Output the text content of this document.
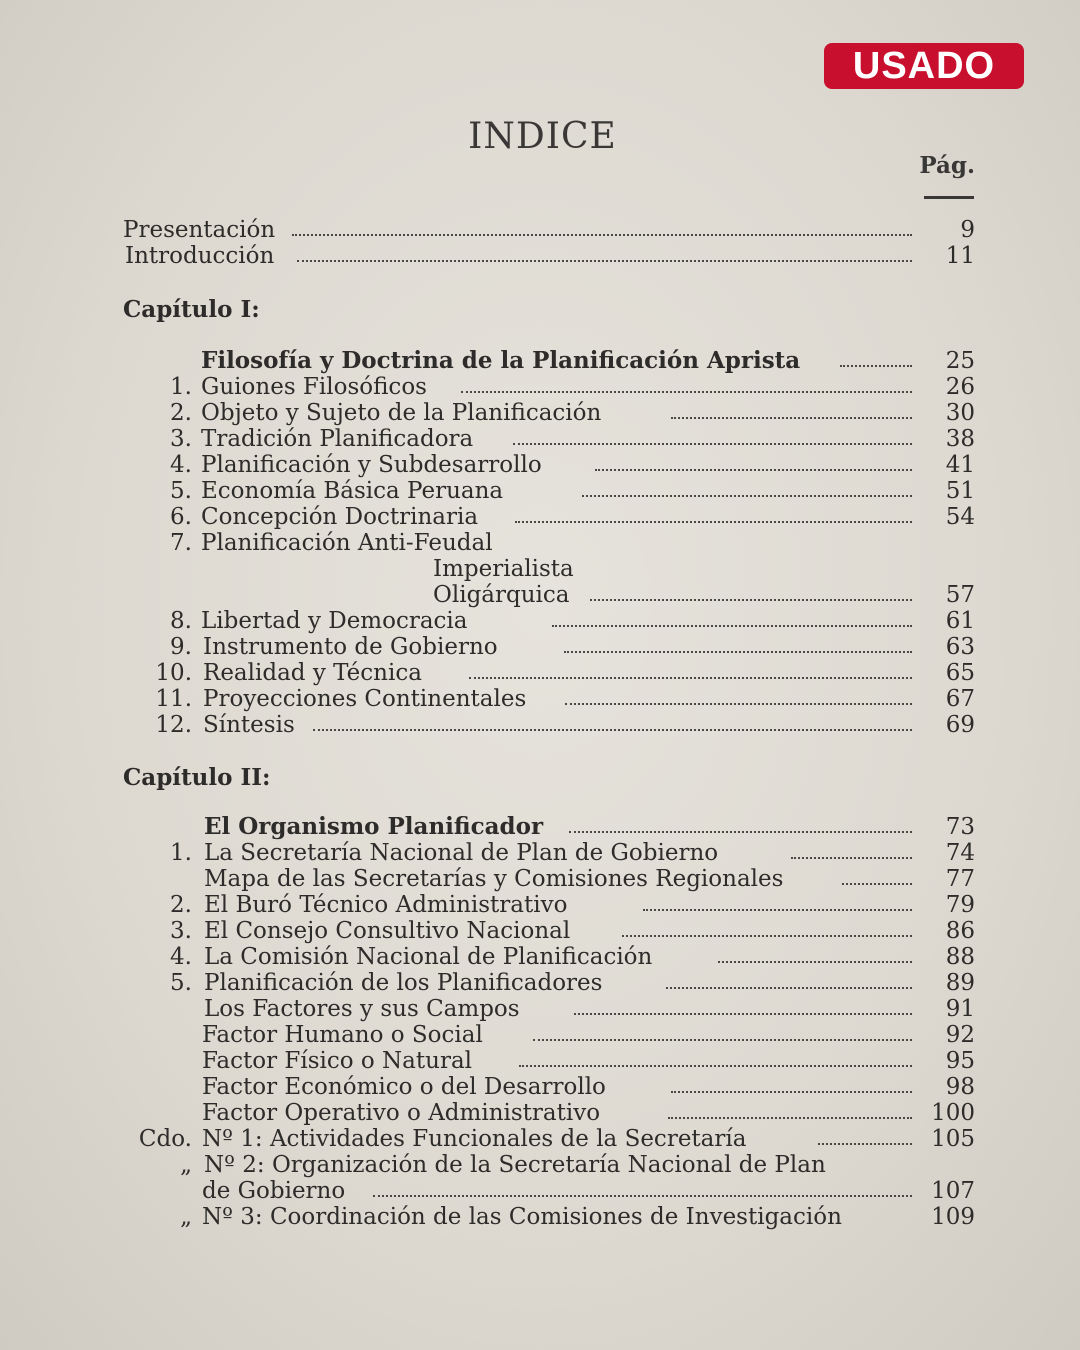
USADO
INDICE
Pág.
Capítulo I:
Capítulo II:
Presentación	9
Introducción	11
Filosofía y Doctrina de la Planificación Aprista	25
1. Guiones Filosóficos	26
2. Objeto y Sujeto de la Planificación	30
3. Tradición Planificadora	38
4. Planificación y Subdesarrollo	41
5. Economía Básica Peruana	51
6. Concepción Doctrinaria	54
7. Planificación Anti-Feudal
Imperialista
Oligárquica	57
8. Libertad y Democracia	61
9. Instrumento de Gobierno	63
10. Realidad y Técnica	65
11. Proyecciones Continentales	67
12. Síntesis	69
El Organismo Planificador	73
1. La Secretaría Nacional de Plan de Gobierno	74
Mapa de las Secretarías y Comisiones Regionales	77
2. El Buró Técnico Administrativo	79
3. El Consejo Consultivo Nacional	86
4. La Comisión Nacional de Planificación	88
5. Planificación de los Planificadores	89
Los Factores y sus Campos	91
Factor Humano o Social	92
Factor Físico o Natural	95
Factor Económico o del Desarrollo	98
Factor Operativo o Administrativo	100
Cdo. Nº 1: Actividades Funcionales de la Secretaría	105
„ Nº 2: Organización de la Secretaría Nacional de Plan
de Gobierno	107
„ Nº 3: Coordinación de las Comisiones de Investigación	109
